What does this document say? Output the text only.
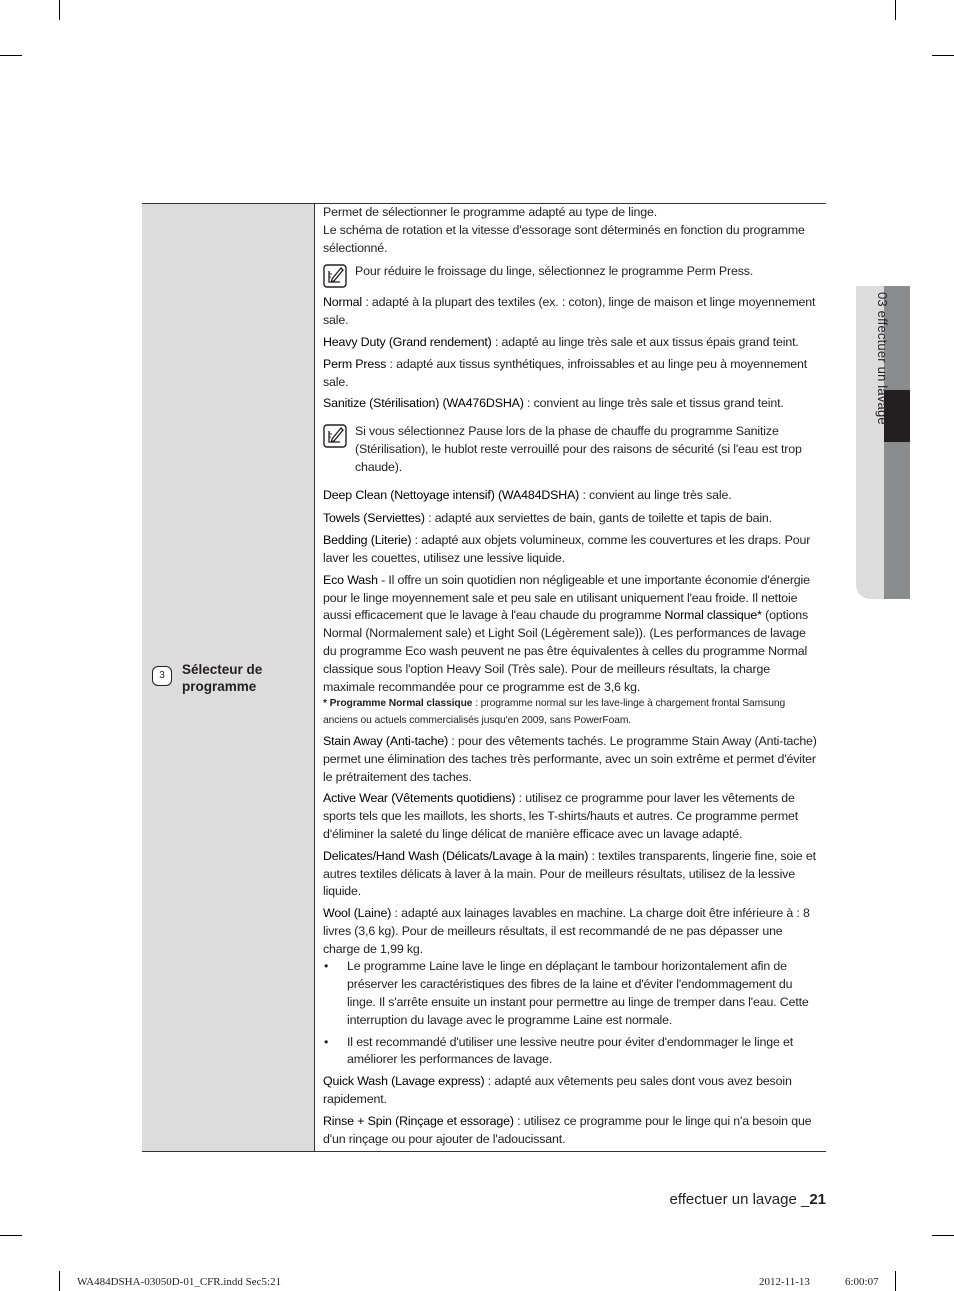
3	Sélecteur de programme

Permet de sélectionner le programme adapté au type de linge.

Le schéma de rotation et la vitesse d'essorage sont déterminés en fonction du programme sélectionné.

Pour réduire le froissage du linge, sélectionnez le programme Perm Press.

Normal : adapté à la plupart des textiles (ex. : coton), linge de maison et linge moyennement sale.

Heavy Duty (Grand rendement) : adapté au linge très sale et aux tissus épais grand teint.

Perm Press : adapté aux tissus synthétiques, infroissables et au linge peu à moyennement sale.

Sanitize (Stérilisation) (WA476DSHA) : convient au linge très sale et tissus grand teint.

Si vous sélectionnez Pause lors de la phase de chauffe du programme Sanitize (Stérilisation), le hublot reste verrouillé pour des raisons de sécurité (si l'eau est trop chaude).

Deep Clean (Nettoyage intensif) (WA484DSHA) : convient au linge très sale.

Towels (Serviettes) : adapté aux serviettes de bain, gants de toilette et tapis de bain.

Bedding (Literie) : adapté aux objets volumineux, comme les couvertures et les draps. Pour laver les couettes, utilisez une lessive liquide.

Eco Wash - Il offre un soin quotidien non négligeable et une importante économie d'énergie pour le linge moyennement sale et peu sale en utilisant uniquement l'eau froide. Il nettoie aussi efficacement que le lavage à l'eau chaude du programme Normal classique* (options Normal (Normalement sale) et Light Soil (Légèrement sale)). (Les performances de lavage du programme Eco wash peuvent ne pas être équivalentes à celles du programme Normal classique sous l'option Heavy Soil (Très sale). Pour de meilleurs résultats, la charge maximale recommandée pour ce programme est de 3,6 kg.

* Programme Normal classique : programme normal sur les lave-linge à chargement frontal Samsung anciens ou actuels commercialisés jusqu'en 2009, sans PowerFoam.

Stain Away (Anti-tache) : pour des vêtements tachés. Le programme Stain Away (Anti-tache) permet une élimination des taches très performante, avec un soin extrême et permet d'éviter le prétraitement des taches.

Active Wear (Vêtements quotidiens) : utilisez ce programme pour laver les vêtements de sports tels que les maillots, les shorts, les T-shirts/hauts et autres. Ce programme permet d'éliminer la saleté du linge délicat de manière efficace avec un lavage adapté.

Delicates/Hand Wash (Délicats/Lavage à la main) : textiles transparents, lingerie fine, soie et autres textiles délicats à laver à la main. Pour de meilleurs résultats, utilisez de la lessive liquide.

Wool (Laine) : adapté aux lainages lavables en machine. La charge doit être inférieure à : 8 livres (3,6 kg). Pour de meilleurs résultats, il est recommandé de ne pas dépasser une charge de 1,99 kg.

•	Le programme Laine lave le linge en déplaçant le tambour horizontalement afin de préserver les caractéristiques des fibres de la laine et d'éviter l'endommagement du linge. Il s'arrête ensuite un instant pour permettre au linge de tremper dans l'eau. Cette interruption du lavage avec le programme Laine est normale.

•	Il est recommandé d'utiliser une lessive neutre pour éviter d'endommager le linge et améliorer les performances de lavage.

Quick Wash (Lavage express) : adapté aux vêtements peu sales dont vous avez besoin rapidement.

Rinse + Spin (Rinçage et essorage) : utilisez ce programme pour le linge qui n'a besoin que d'un rinçage ou pour ajouter de l'adoucissant.

03 effectuer un lavage
effectuer un lavage _21
WA484DSHA-03050D-01_CFR.indd Sec5:21	2012-11-13	6:00:07
